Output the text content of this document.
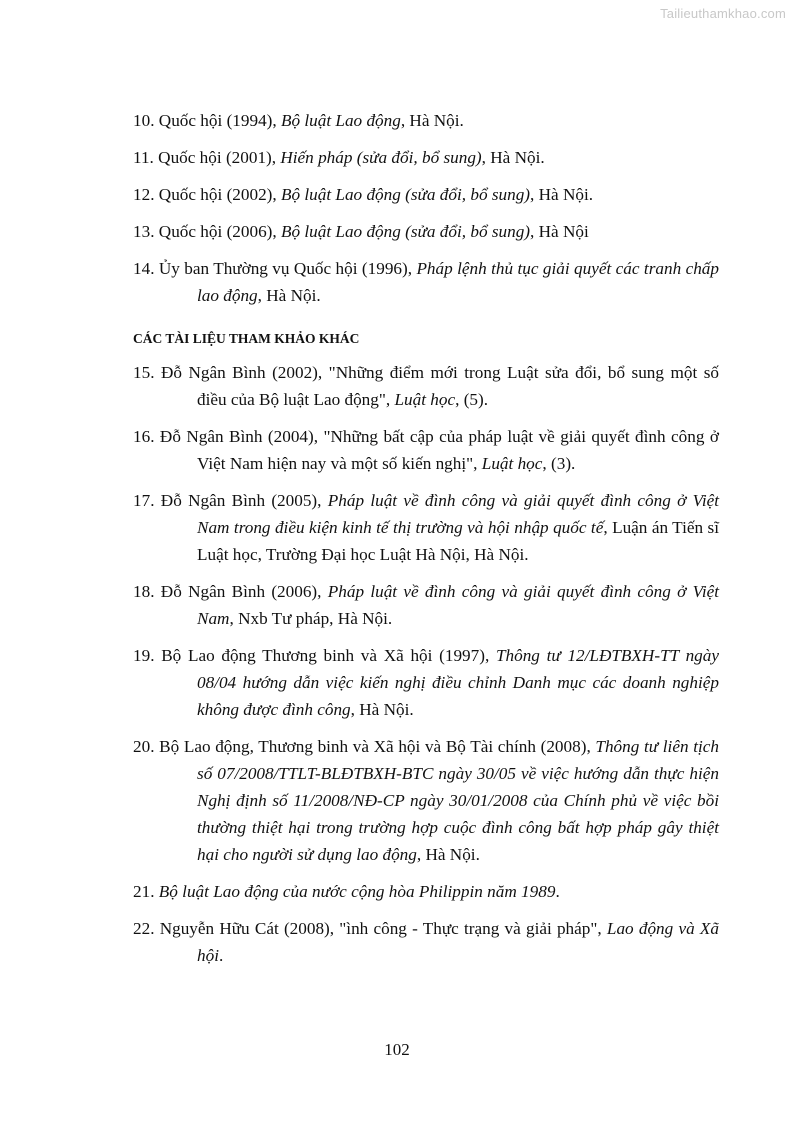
Tailieuthamkhao.com

10. Quốc hội (1994), Bộ luật Lao động, Hà Nội.

11. Quốc hội (2001), Hiến pháp (sửa đổi, bổ sung), Hà Nội.

12. Quốc hội (2002), Bộ luật Lao động (sửa đổi, bổ sung), Hà Nội.

13. Quốc hội (2006), Bộ luật Lao động (sửa đổi, bổ sung), Hà Nội

14. Ủy ban Thường vụ Quốc hội (1996), Pháp lệnh thủ tục giải quyết các tranh chấp lao động, Hà Nội.

CÁC TÀI LIỆU THAM KHẢO KHÁC

15. Đỗ Ngân Bình (2002), "Những điểm mới trong Luật sửa đổi, bổ sung một số điều của Bộ luật Lao động", Luật học, (5).

16. Đỗ Ngân Bình (2004), "Những bất cập của pháp luật về giải quyết đình công ở Việt Nam hiện nay và một số kiến nghị", Luật học, (3).

17. Đỗ Ngân Bình (2005), Pháp luật về đình công và giải quyết đình công ở Việt Nam trong điều kiện kinh tế thị trường và hội nhập quốc tế, Luận án Tiến sĩ Luật học, Trường Đại học Luật Hà Nội, Hà Nội.

18. Đỗ Ngân Bình (2006), Pháp luật về đình công và giải quyết đình công ở Việt Nam, Nxb Tư pháp, Hà Nội.

19. Bộ Lao động Thương binh và Xã hội (1997), Thông tư 12/LĐTBXH-TT ngày 08/04 hướng dẫn việc kiến nghị điều chỉnh Danh mục các doanh nghiệp không được đình công, Hà Nội.

20. Bộ Lao động, Thương binh và Xã hội và Bộ Tài chính (2008), Thông tư liên tịch số 07/2008/TTLT-BLĐTBXH-BTC ngày 30/05 về việc hướng dẫn thực hiện Nghị định số 11/2008/NĐ-CP ngày 30/01/2008 của Chính phủ về việc bồi thường thiệt hại trong trường hợp cuộc đình công bất hợp pháp gây thiệt hại cho người sử dụng lao động, Hà Nội.

21. Bộ luật Lao động của nước cộng hòa Philippin năm 1989.

22. Nguyễn Hữu Cát (2008), "ình công - Thực trạng và giải pháp", Lao động và Xã hội.

102
